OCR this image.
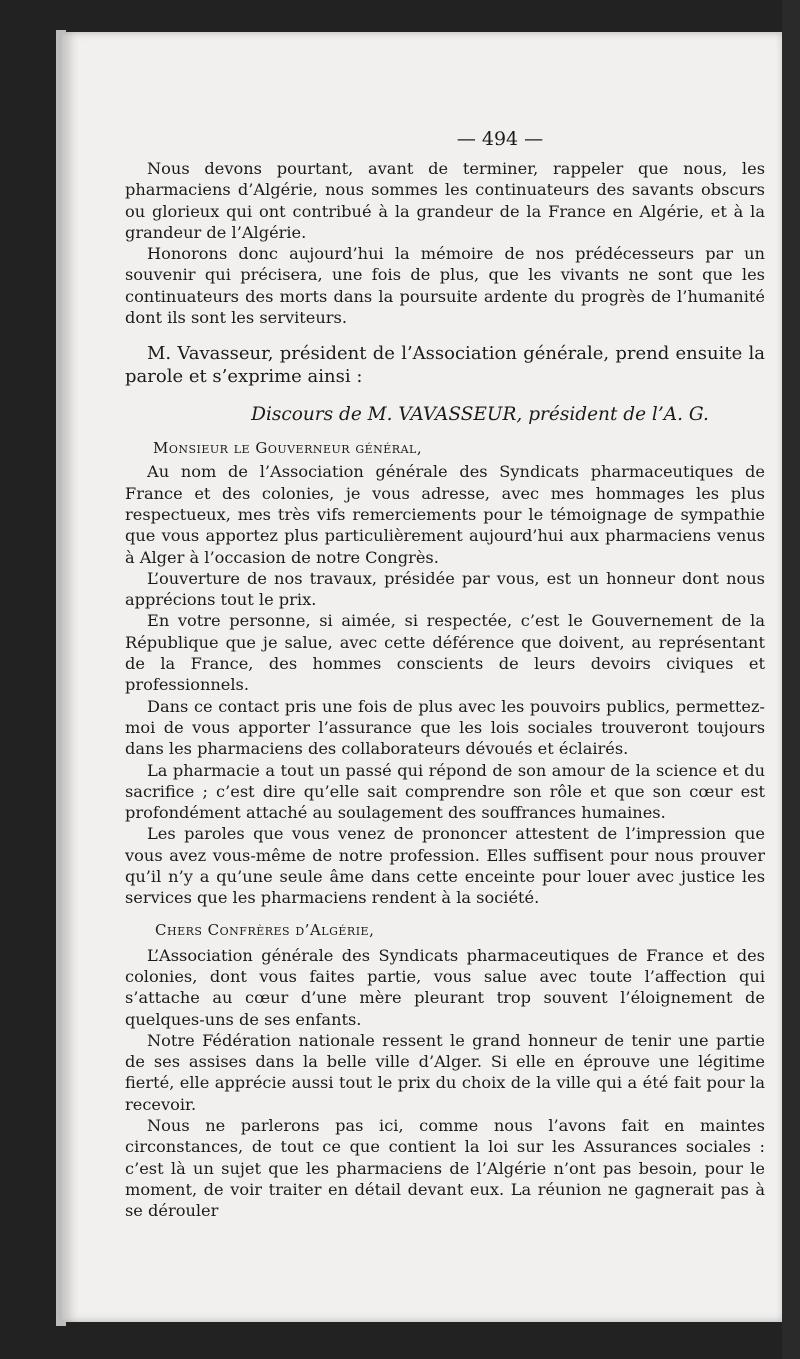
— 494 —

Nous devons pourtant, avant de terminer, rappeler que nous, les pharmaciens d’Algérie, nous sommes les continuateurs des savants obscurs ou glorieux qui ont contribué à la grandeur de la France en Algérie, et à la grandeur de l’Algérie.

Honorons donc aujourd’hui la mémoire de nos prédécesseurs par un souvenir qui précisera, une fois de plus, que les vivants ne sont que les continuateurs des morts dans la poursuite ardente du progrès de l’humanité dont ils sont les serviteurs.

M. Vavasseur, président de l’Association générale, prend ensuite la parole et s’exprime ainsi :

Discours de M. VAVASSEUR, président de l’A. G.
Monsieur le Gouverneur général,

Au nom de l’Association générale des Syndicats pharmaceutiques de France et des colonies, je vous adresse, avec mes hommages les plus respectueux, mes très vifs remerciements pour le témoignage de sympathie que vous apportez plus particulièrement aujourd’hui aux pharmaciens venus à Alger à l’occasion de notre Congrès.

L’ouverture de nos travaux, présidée par vous, est un honneur dont nous apprécions tout le prix.

En votre personne, si aimée, si respectée, c’est le Gouvernement de la République que je salue, avec cette déférence que doivent, au représentant de la France, des hommes conscients de leurs devoirs civiques et professionnels.

Dans ce contact pris une fois de plus avec les pouvoirs publics, permettez-moi de vous apporter l’assurance que les lois sociales trouveront toujours dans les pharmaciens des collaborateurs dévoués et éclairés.

La pharmacie a tout un passé qui répond de son amour de la science et du sacrifice ; c’est dire qu’elle sait comprendre son rôle et que son cœur est profondément attaché au soulagement des souffrances humaines.

Les paroles que vous venez de prononcer attestent de l’impression que vous avez vous-même de notre profession. Elles suffisent pour nous prouver qu’il n’y a qu’une seule âme dans cette enceinte pour louer avec justice les services que les pharmaciens rendent à la société.

Chers Confrères d’Algérie,

L’Association générale des Syndicats pharmaceutiques de France et des colonies, dont vous faites partie, vous salue avec toute l’affection qui s’attache au cœur d’une mère pleurant trop souvent l’éloignement de quelques-uns de ses enfants.

Notre Fédération nationale ressent le grand honneur de tenir une partie de ses assises dans la belle ville d’Alger. Si elle en éprouve une légitime fierté, elle apprécie aussi tout le prix du choix de la ville qui a été fait pour la recevoir.

Nous ne parlerons pas ici, comme nous l’avons fait en maintes circonstances, de tout ce que contient la loi sur les Assurances sociales : c’est là un sujet que les pharmaciens de l’Algérie n’ont pas besoin, pour le moment, de voir traiter en détail devant eux. La réunion ne gagnerait pas à se dérouler
